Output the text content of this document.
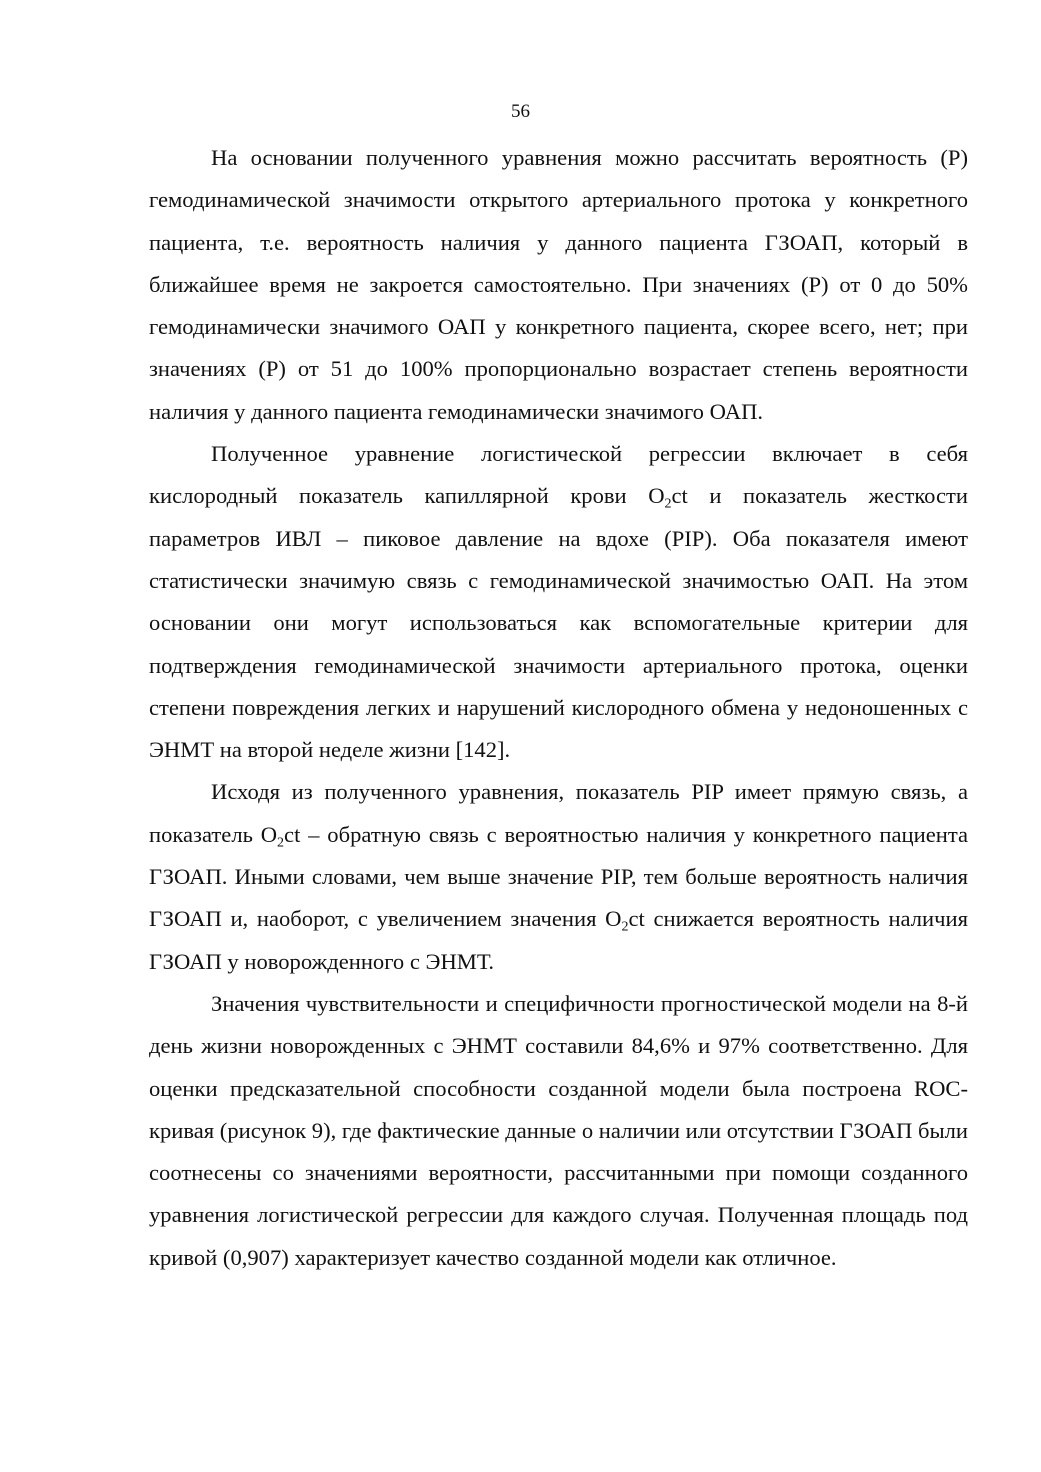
56

На основании полученного уравнения можно рассчитать вероятность (Р) гемодинамической значимости открытого артериального протока у конкретного пациента, т.е. вероятность наличия у данного пациента ГЗОАП, который в ближайшее время не закроется самостоятельно. При значениях (Р) от 0 до 50% гемодинамически значимого ОАП у конкретного пациента, скорее всего, нет; при значениях (Р) от 51 до 100% пропорционально возрастает степень вероятности наличия у данного пациента гемодинамически значимого ОАП.

Полученное уравнение логистической регрессии включает в себя кислородный показатель капиллярной крови $O_2ct$ и показатель жесткости параметров ИВЛ – пиковое давление на вдохе (PIP). Оба показателя имеют статистически значимую связь с гемодинамической значимостью ОАП. На этом основании они могут использоваться как вспомогательные критерии для подтверждения гемодинамической значимости артериального протока, оценки степени повреждения легких и нарушений кислородного обмена у недоношенных с ЭНМТ на второй неделе жизни [142].

Исходя из полученного уравнения, показатель PIP имеет прямую связь, а показатель $O_2ct$ – обратную связь с вероятностью наличия у конкретного пациента ГЗОАП. Иными словами, чем выше значение PIP, тем больше вероятность наличия ГЗОАП и, наоборот, с увеличением значения $O_2ct$ снижается вероятность наличия ГЗОАП у новорожденного с ЭНМТ.

Значения чувствительности и специфичности прогностической модели на 8-й день жизни новорожденных с ЭНМТ составили 84,6% и 97% соответственно. Для оценки предсказательной способности созданной модели была построена ROC-кривая (рисунок 9), где фактические данные о наличии или отсутствии ГЗОАП были соотнесены со значениями вероятности, рассчитанными при помощи созданного уравнения логистической регрессии для каждого случая. Полученная площадь под кривой (0,907) характеризует качество созданной модели как отличное.
